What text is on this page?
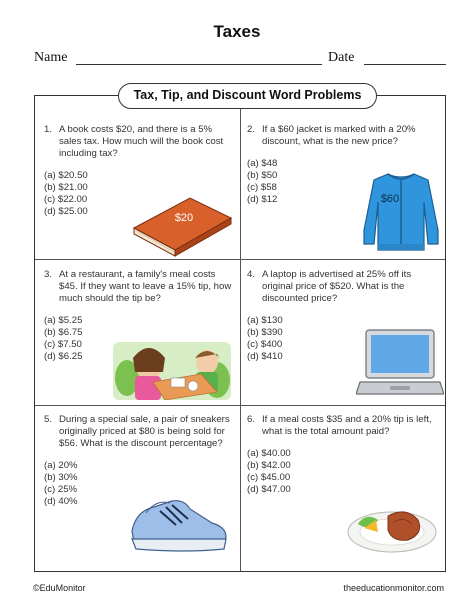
Taxes
Name	Date
Tax, Tip, and Discount Word Problems
1. A book costs $20, and there is a 5% sales tax. How much will the book cost including tax?
(a) $20.50
(b) $21.00
(c) $22.00
(d) $25.00
$20
2. If a $60 jacket is marked with a 20% discount, what is the new price?
(a) $48
(b) $50
(c) $58
(d) $12	$60
3. At a restaurant, a family's meal costs $45. If they want to leave a 15% tip, how much should the tip be?
(a) $5.25
(b) $6.75
(c) $7.50
(d) $6.25
4. A laptop is advertised at 25% off its original price of $520. What is the discounted price?
(a) $130
(b) $390
(c) $400
(d) $410
5. During a special sale, a pair of sneakers originally priced at $80 is being sold for $56. What is the discount percentage?
(a) 20%
(b) 30%
(c) 25%
(d) 40%
6. If a meal costs $35 and a 20% tip is left, what is the total amount paid?
(a) $40.00
(b) $42.00
(c) $45.00
(d) $47.00
©EduMonitor	theeducationmonitor.com
